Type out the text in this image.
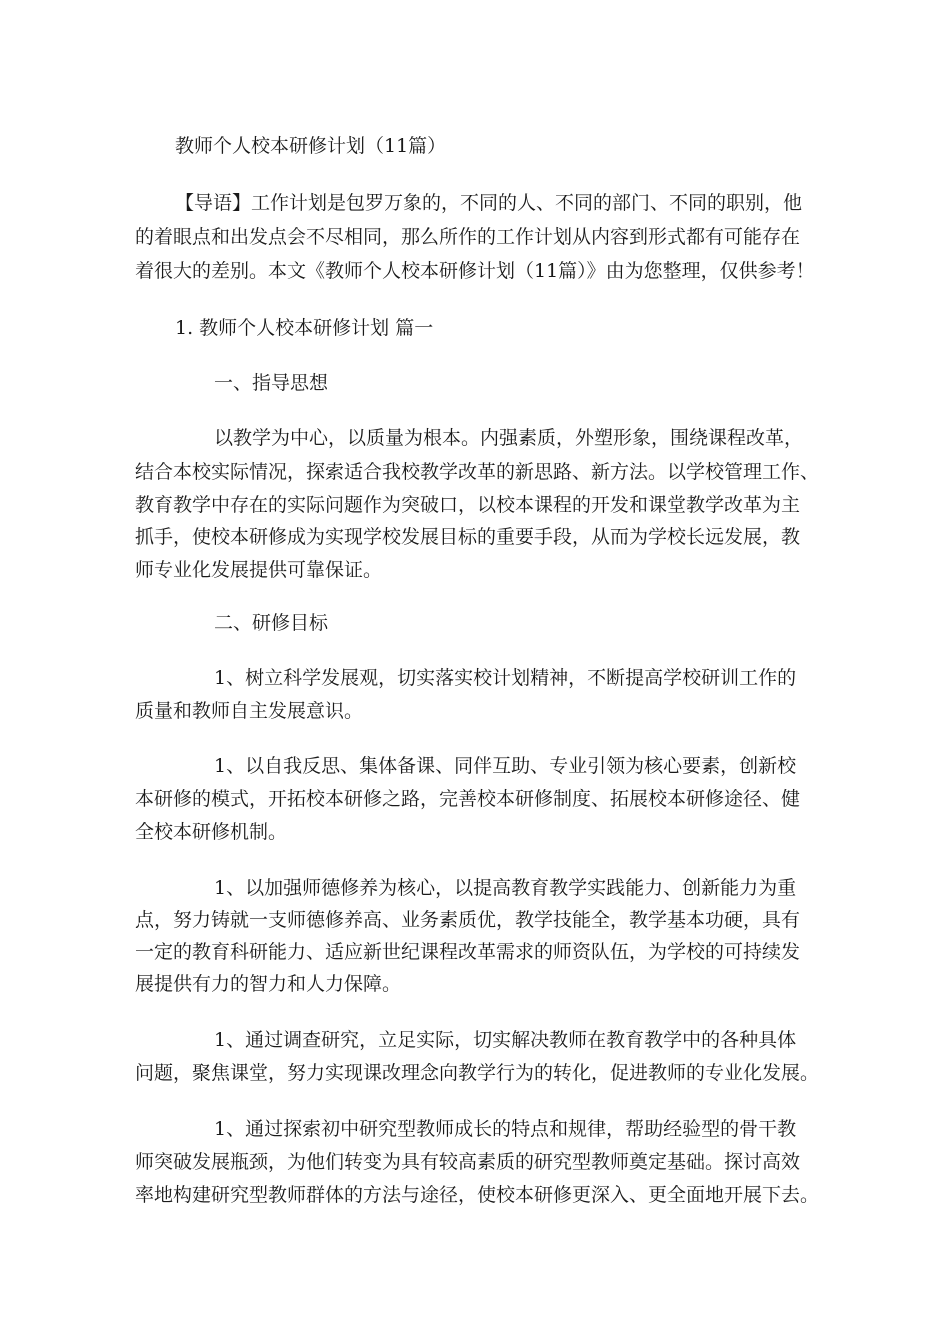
教师个人校本研修计划（11篇）

【导语】工作计划是包罗万象的，不同的人、不同的部门、不同的职别，他

的着眼点和出发点会不尽相同，那么所作的工作计划从内容到形式都有可能存在

着很大的差别。本文《教师个人校本研修计划（11篇）》由为您整理，仅供参考！

1. 教师个人校本研修计划 篇一

一、指导思想

以教学为中心，以质量为根本。内强素质，外塑形象，围绕课程改革，

结合本校实际情况，探索适合我校教学改革的新思路、新方法。以学校管理工作、

教育教学中存在的实际问题作为突破口，以校本课程的开发和课堂教学改革为主

抓手，使校本研修成为实现学校发展目标的重要手段，从而为学校长远发展，教

师专业化发展提供可靠保证。

二、研修目标

1、树立科学发展观，切实落实校计划精神，不断提高学校研训工作的

质量和教师自主发展意识。

1、以自我反思、集体备课、同伴互助、专业引领为核心要素，创新校

本研修的模式，开拓校本研修之路，完善校本研修制度、拓展校本研修途径、健

全校本研修机制。

1、以加强师德修养为核心，以提高教育教学实践能力、创新能力为重

点，努力铸就一支师德修养高、业务素质优，教学技能全，教学基本功硬，具有

一定的教育科研能力、适应新世纪课程改革需求的师资队伍，为学校的可持续发

展提供有力的智力和人力保障。

1、通过调查研究，立足实际，切实解决教师在教育教学中的各种具体

问题，聚焦课堂，努力实现课改理念向教学行为的转化，促进教师的专业化发展。

1、通过探索初中研究型教师成长的特点和规律，帮助经验型的骨干教

师突破发展瓶颈，为他们转变为具有较高素质的研究型教师奠定基础。探讨高效

率地构建研究型教师群体的方法与途径，使校本研修更深入、更全面地开展下去。
